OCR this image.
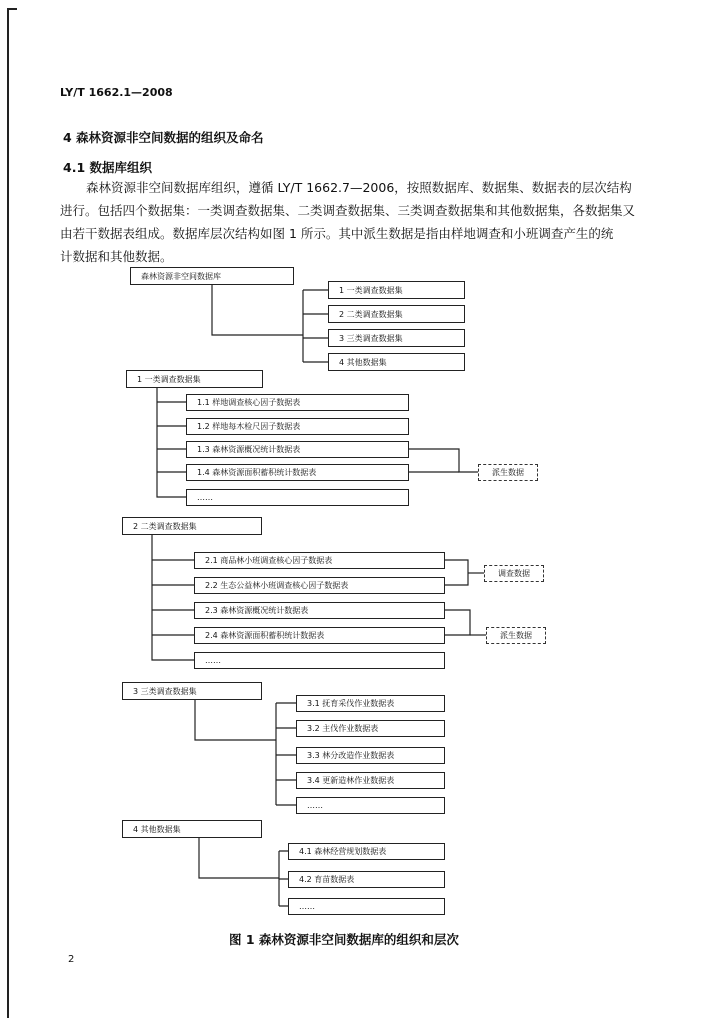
LY/T 1662.1—2008
4 森林资源非空间数据的组织及命名
4.1 数据库组织
森林资源非空间数据库组织，遵循 LY/T 1662.7—2006，按照数据库、数据集、数据表的层次结构
进行。包括四个数据集：一类调查数据集、二类调查数据集、三类调查数据集和其他数据集，各数据集又
由若干数据表组成。数据库层次结构如图 1 所示。其中派生数据是指由样地调查和小班调查产生的统
计数据和其他数据。
森林资源非空间数据库
1 一类调查数据集
2 二类调查数据集
3 三类调查数据集
4 其他数据集
1 一类调查数据集
1.1 样地调查核心因子数据表
1.2 样地每木检尺因子数据表
1.3 森林资源概况统计数据表
1.4 森林资源面积蓄积统计数据表
……
派生数据
2 二类调查数据集
2.1 商品林小班调查核心因子数据表
2.2 生态公益林小班调查核心因子数据表
2.3 森林资源概况统计数据表
2.4 森林资源面积蓄积统计数据表
……
调查数据
派生数据
3 三类调查数据集
3.1 抚育采伐作业数据表
3.2 主伐作业数据表
3.3 林分改造作业数据表
3.4 更新造林作业数据表
……
4 其他数据集
4.1 森林经营规划数据表
4.2 育苗数据表
……
图 1 森林资源非空间数据库的组织和层次
2
